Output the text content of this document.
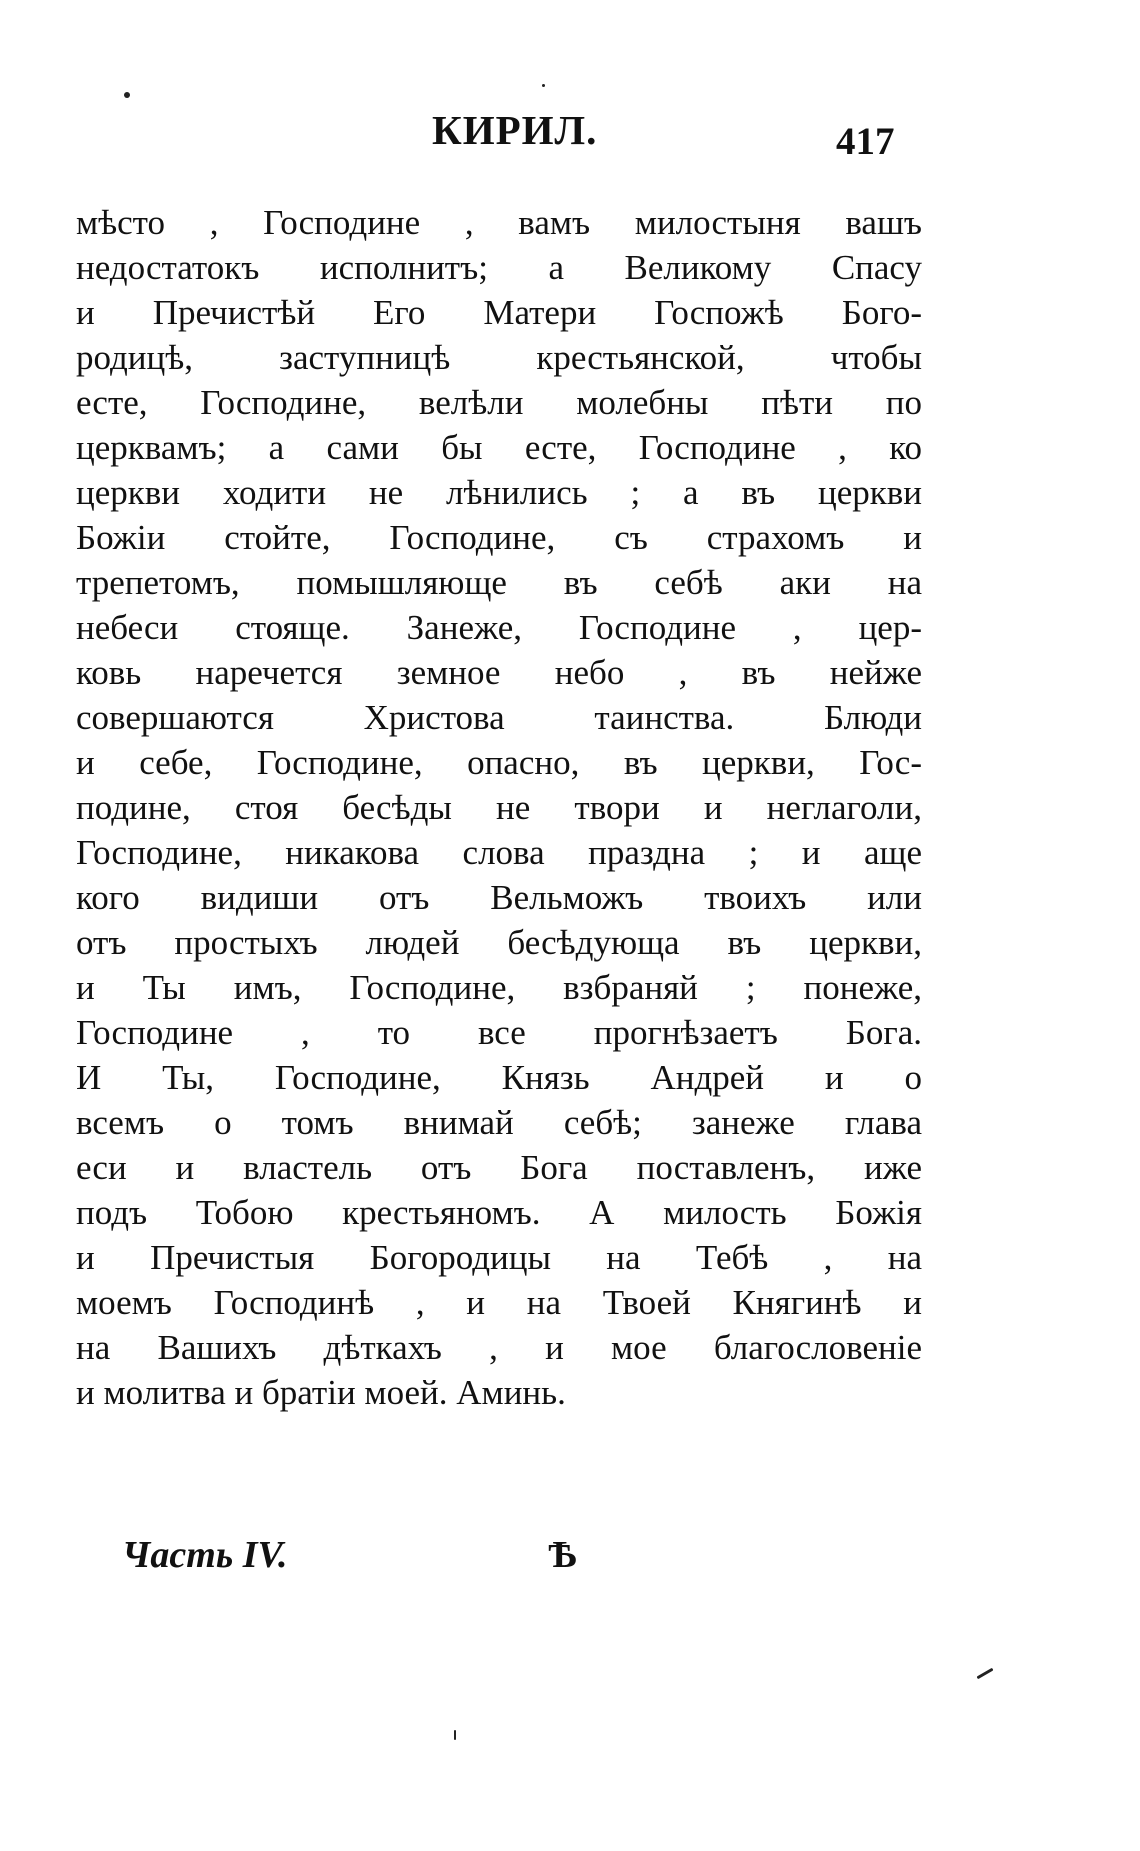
КИРИЛ.	417
мѣсто , Господине , вамъ милостыня вашъ
недостатокъ исполнитъ; а Великому Спасу
и Пречистѣй Его Матери Госпожѣ Бого-
родицѣ, заступницѣ крестьянской, чтобы
есте, Господине, велѣли молебны пѣти по
церквамъ; а сами бы есте, Господине , ко
церкви ходити не лѣнились ; а въ церкви
Божiи стойте, Господине, съ страхомъ и
трепетомъ, помышляюще въ себѣ аки на
небеси стояще. Занеже, Господине , цер-
ковь наречется земное небо , въ нейже
совершаются Христова таинства. Блюди
и себе, Господине, опасно, въ церкви, Гос-
подине, стоя бесѣды не твори и неглаголи,
Господине, никакова слова праздна ; и аще
кого видиши отъ Вельможъ твоихъ или
отъ простыхъ людей бесѣдующа въ церкви,
и Ты имъ, Господине, взбраняй ; понеже,
Господине , то все прогнѣзаетъ Бога.
И Ты, Господине, Князь Андрей и о
всемъ о томъ внимай себѣ; занеже глава
еси и властель отъ Бога поставленъ, иже
подъ Тобою крестьяномъ. А милость Божiя
и Пречистыя Богородицы на Тебѣ , на
моемъ Господинѣ , и на Твоей Княгинѣ и
на Вашихъ дѣткахъ , и мое благословенiе
и молитва и братiи моей. Аминь.
Часть IV.	Ѣ
